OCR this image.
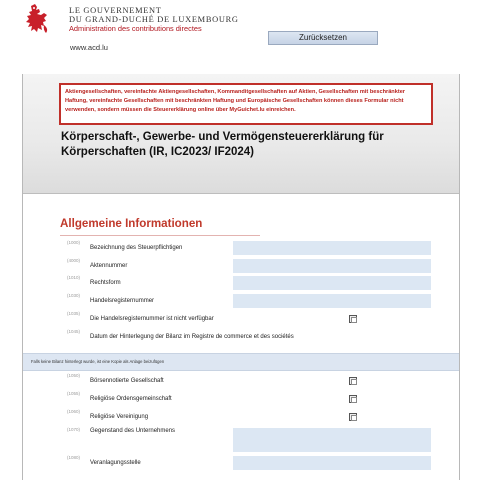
LE GOUVERNEMENT
DU GRAND-DUCHÉ DE LUXEMBOURG
Administration des contributions directes
www.acd.lu
Zurücksetzen
Aktiengesellschaften, vereinfachte Aktiengesellschaften, Kommanditgesellschaften auf Aktien, Gesellschaften mit beschränkter Haftung, vereinfachte Gesellschaften mit beschränkten Haftung und Europäische Gesellschaften können dieses Formular nicht verwenden, sondern müssen die Steuererklärung online über MyGuichet.lu einreichen.
Körperschaft-, Gewerbe- und Vermögensteuererklärung für Körperschaften (IR, IC2023/ IF2024)
Allgemeine Informationen
(1000)
Bezeichnung des Steuerpflichtigen
(4000)
Aktennummer
(1010)
Rechtsform
(1030)
Handelsregisternummer
(1035)
Die Handelsregisternummer ist nicht verfügbar
(1045)
Datum der Hinterlegung der Bilanz im Registre de commerce et des sociétés
Falls keine Bilanz hinterlegt wurde, ist eine Kopie als Anlage beizufügen
(1050)
Börsennotierte Gesellschaft
(1055)
Religiöse Ordensgemeinschaft
(1060)
Religiöse Vereinigung
(1070) Gegenstand des Unternehmens
(1080)
Veranlagungsstelle
